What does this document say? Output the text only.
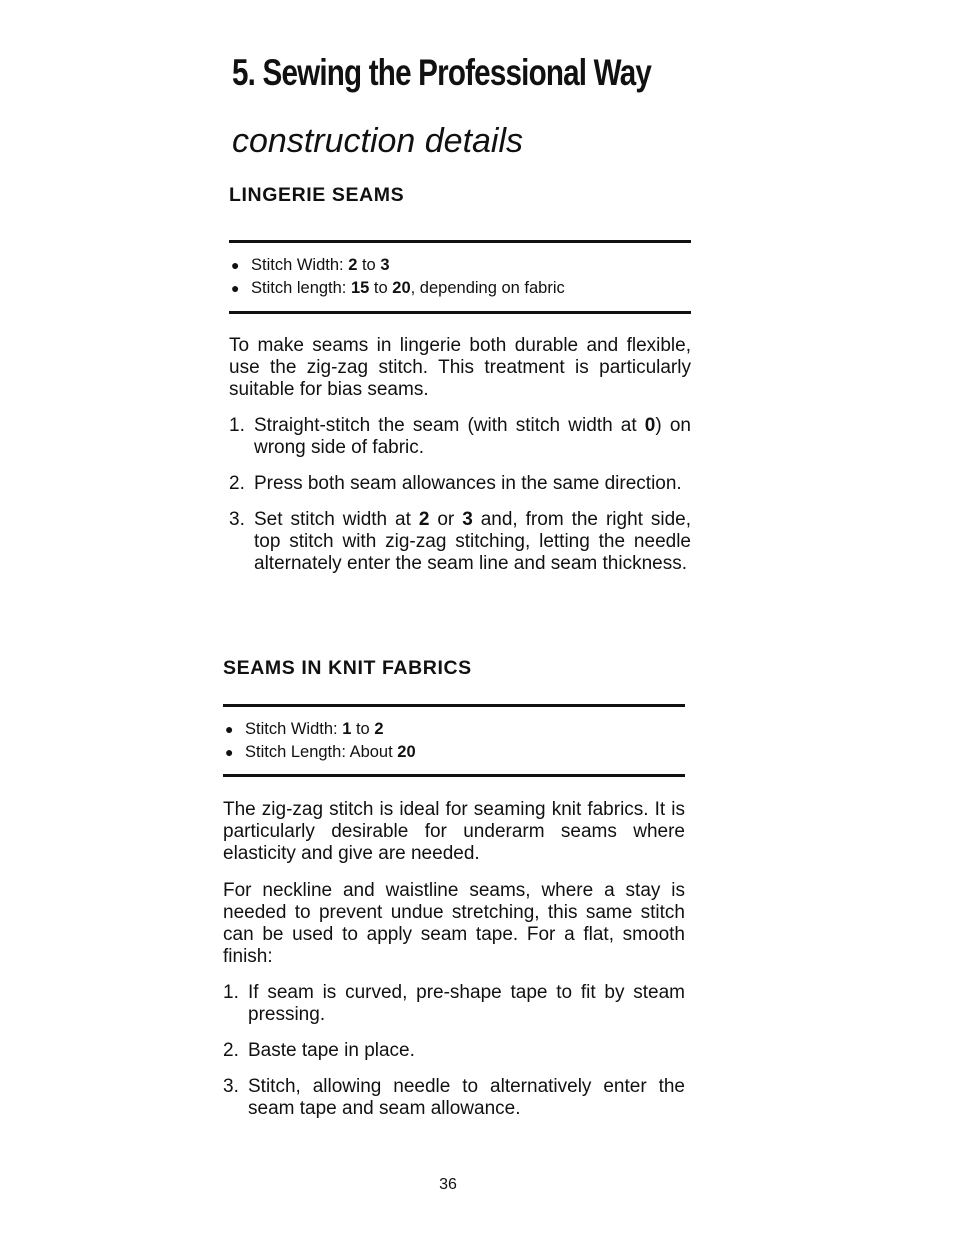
5. Sewing the Professional Way
construction details
LINGERIE SEAMS
● Stitch Width: 2 to 3
● Stitch length: 15 to 20, depending on fabric

To make seams in lingerie both durable and flexible, use the zig-zag stitch. This treatment is particularly suitable for bias seams.

1. Straight-stitch the seam (with stitch width at 0) on wrong side of fabric.
2. Press both seam allowances in the same direction.
3. Set stitch width at 2 or 3 and, from the right side, top stitch with zig-zag stitching, letting the needle alternately enter the seam line and seam thickness.
SEAMS IN KNIT FABRICS
● Stitch Width: 1 to 2
● Stitch Length: About 20

The zig-zag stitch is ideal for seaming knit fabrics. It is particularly desirable for underarm seams where elasticity and give are needed.

For neckline and waistline seams, where a stay is needed to prevent undue stretching, this same stitch can be used to apply seam tape. For a flat, smooth finish:

1. If seam is curved, pre-shape tape to fit by steam pressing.
2. Baste tape in place.
3. Stitch, allowing needle to alternatively enter the seam tape and seam allowance.
36
